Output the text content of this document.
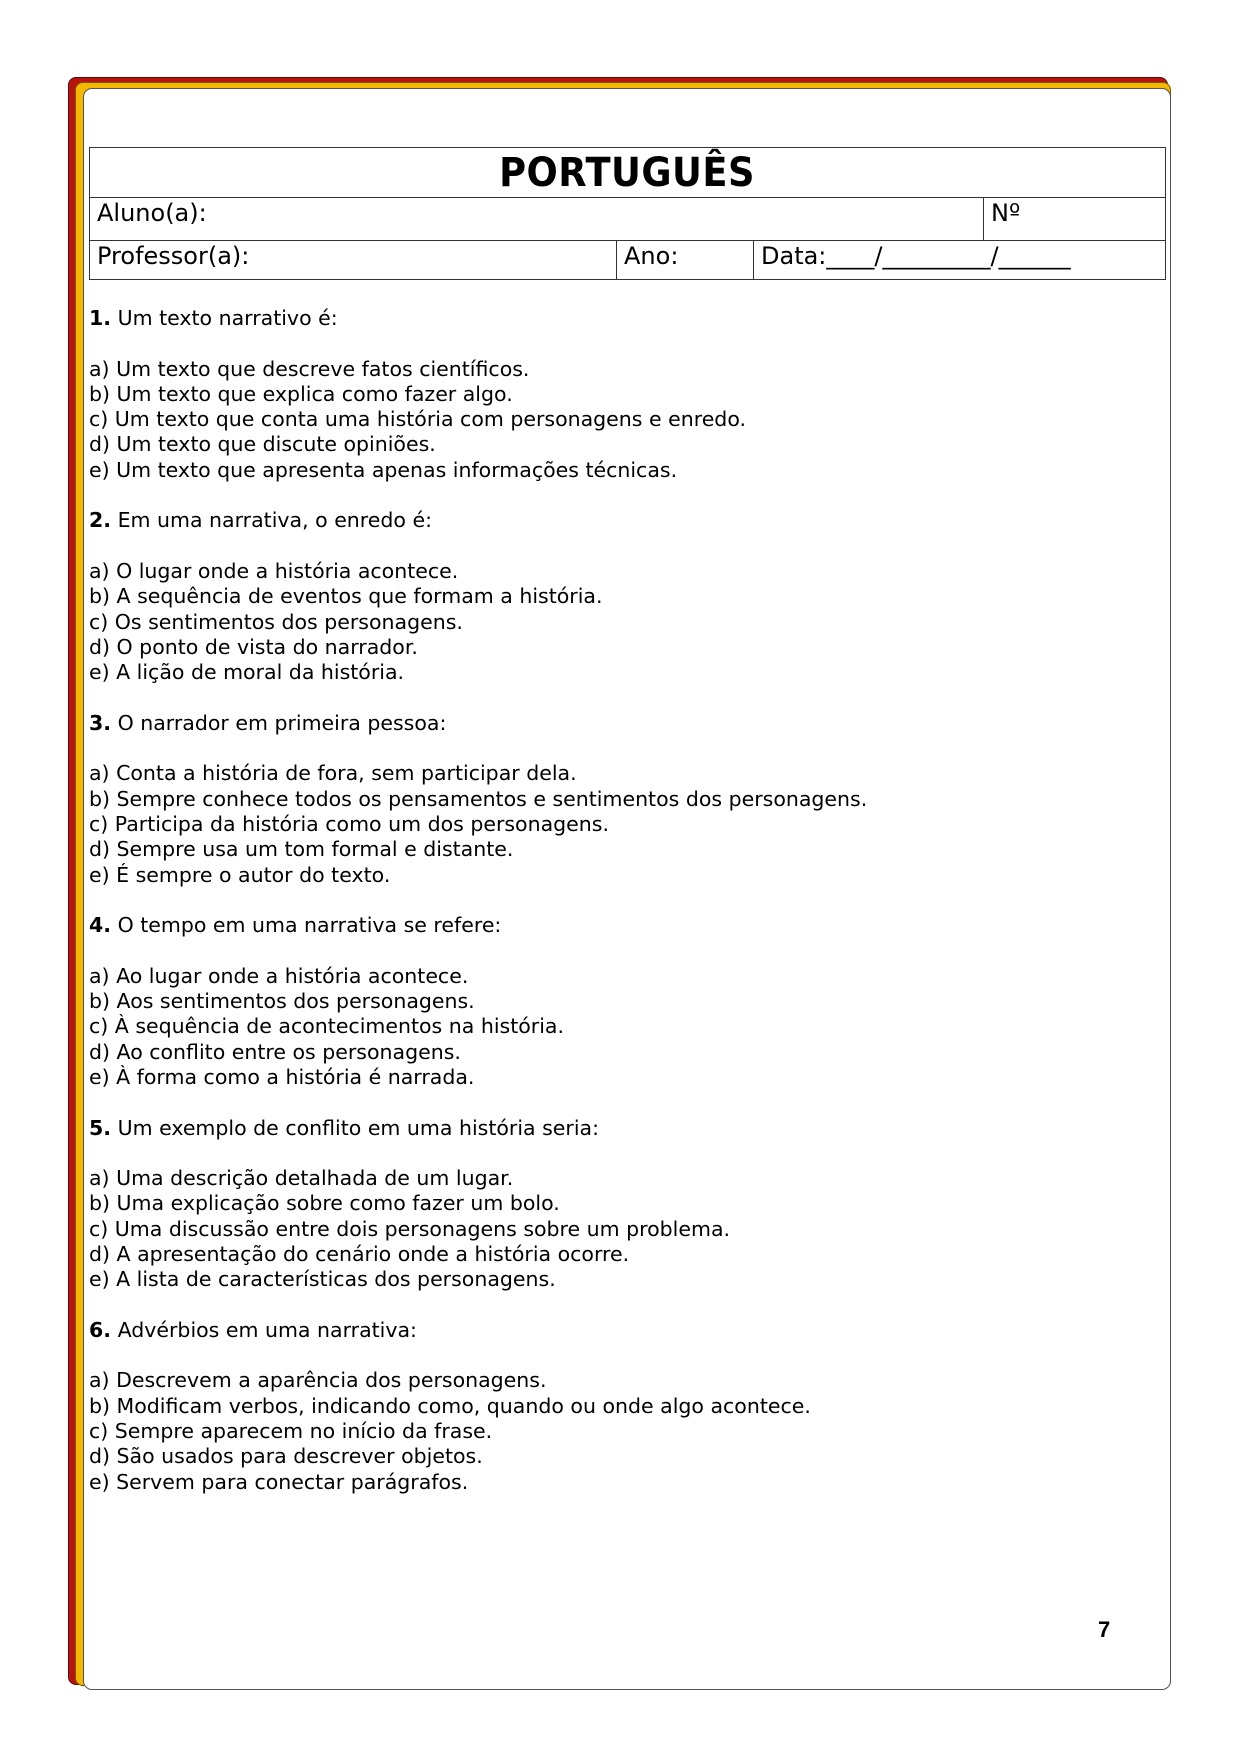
PORTUGUÊS
Aluno(a):	Nº
Professor(a):	Ano:	Data:____/_________/______
1. Um texto narrativo é:
a) Um texto que descreve fatos científicos.
b) Um texto que explica como fazer algo.
c) Um texto que conta uma história com personagens e enredo.
d) Um texto que discute opiniões.
e) Um texto que apresenta apenas informações técnicas.
2. Em uma narrativa, o enredo é:
a) O lugar onde a história acontece.
b) A sequência de eventos que formam a história.
c) Os sentimentos dos personagens.
d) O ponto de vista do narrador.
e) A lição de moral da história.
3. O narrador em primeira pessoa:
a) Conta a história de fora, sem participar dela.
b) Sempre conhece todos os pensamentos e sentimentos dos personagens.
c) Participa da história como um dos personagens.
d) Sempre usa um tom formal e distante.
e) É sempre o autor do texto.
4. O tempo em uma narrativa se refere:
a) Ao lugar onde a história acontece.
b) Aos sentimentos dos personagens.
c) À sequência de acontecimentos na história.
d) Ao conflito entre os personagens.
e) À forma como a história é narrada.
5. Um exemplo de conflito em uma história seria:
a) Uma descrição detalhada de um lugar.
b) Uma explicação sobre como fazer um bolo.
c) Uma discussão entre dois personagens sobre um problema.
d) A apresentação do cenário onde a história ocorre.
e) A lista de características dos personagens.
6. Advérbios em uma narrativa:
a) Descrevem a aparência dos personagens.
b) Modificam verbos, indicando como, quando ou onde algo acontece.
c) Sempre aparecem no início da frase.
d) São usados para descrever objetos.
e) Servem para conectar parágrafos.
7
